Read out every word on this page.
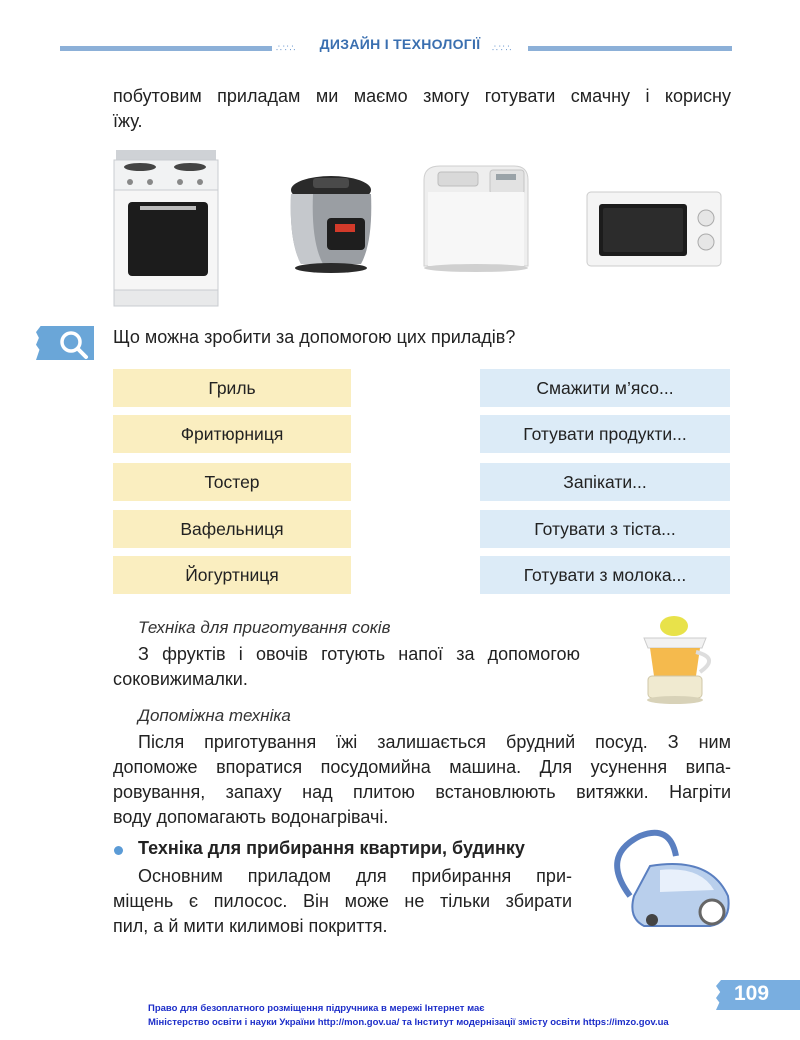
∴∵∴	∴∵∴
ДИЗАЙН І ТЕХНОЛОГІЇ
побутовим приладам ми маємо змогу готувати смачну і корисну
їжу.
Що можна зробити за допомогою цих приладів?
Гриль
Фритюрниця
Тостер
Вафельниця
Йогуртниця
Смажити м’ясо...
Готувати продукти...
Запікати...
Готувати з тіста...
Готувати з молока...
Техніка для приготування соків
З фруктів і овочів готують напої за допомогою
соковижималки.
Допоміжна техніка
Після приготування їжі залишається брудний посуд. З ним
допоможе впоратися посудомийна машина. Для усунення випа-
ровування, запаху над плитою встановлюють витяжки. Нагріти
воду допомагають водонагрівачі.
Техніка для прибирання квартири, будинку
Основним приладом для прибирання при-
міщень є пилосос. Він може не тільки збирати
пил, а й мити килимові покриття.
109
Право для безоплатного розміщення підручника в мережі Інтернет має
Міністерство освіти і науки України http://mon.gov.ua/ та Інститут модернізації змісту освіти https://imzo.gov.ua
